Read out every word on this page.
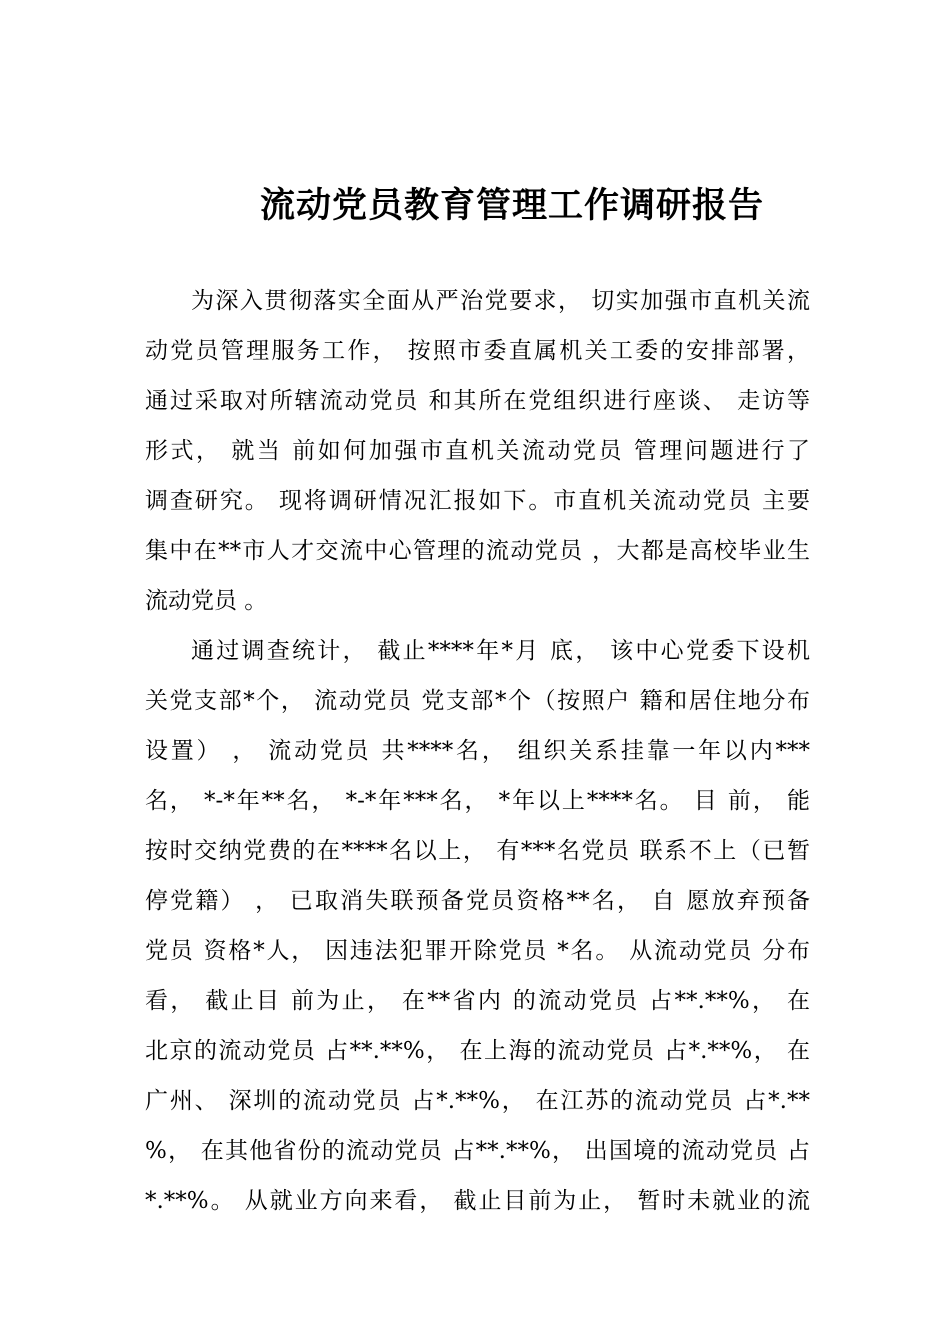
流动党员教育管理工作调研报告
为深入贯彻落实全面从严治党要求， 切实加强市直机关流
动党员管理服务工作， 按照市委直属机关工委的安排部署，
通过采取对所辖流动党员 和其所在党组织进行座谈、 走访等
形式， 就当 前如何加强市直机关流动党员 管理问题进行了
调查研究。 现将调研情况汇报如下。市直机关流动党员 主要
集中在**市人才交流中心管理的流动党员 ，大都是高校毕业生
流动党员 。
通过调查统计， 截止****年*月 底， 该中心党委下设机
关党支部*个， 流动党员 党支部*个（按照户 籍和居住地分布
设置） ， 流动党员 共****名， 组织关系挂靠一年以内***
名， *-*年**名， *-*年***名， *年以上****名。 目 前， 能
按时交纳党费的在****名以上， 有***名党员 联系不上（已暂
停党籍） ， 已取消失联预备党员资格**名， 自 愿放弃预备
党员 资格*人， 因违法犯罪开除党员 *名。 从流动党员 分布
看， 截止目 前为止， 在**省内 的流动党员 占**.**%， 在
北京的流动党员 占**.**%， 在上海的流动党员 占*.**%， 在
广州、 深圳的流动党员 占*.**%， 在江苏的流动党员 占*.**
%， 在其他省份的流动党员 占**.**%， 出国境的流动党员 占
*.**%。 从就业方向来看， 截止目前为止， 暂时未就业的流
